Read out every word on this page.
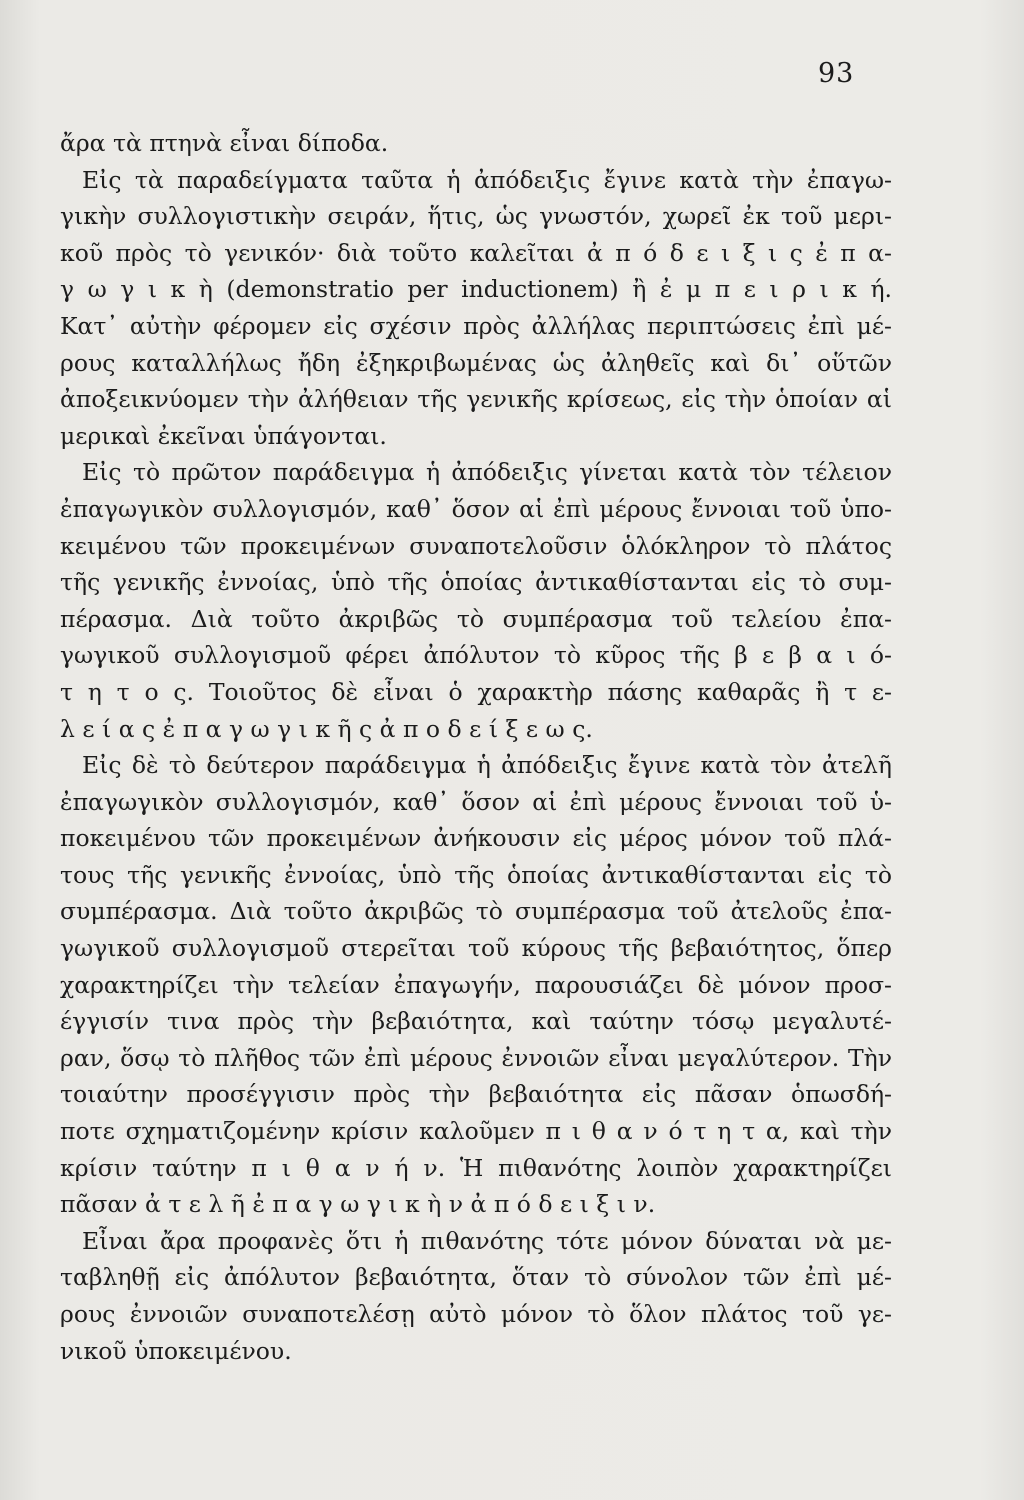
93
ἄρα τὰ πτηνὰ εἶναι δίποδα.
Εἰς τὰ παραδείγματα ταῦτα ἡ ἀπόδειξις ἔγινε κατὰ τὴν ἐπαγω-
γικὴν συλλογιστικὴν σειράν, ἥτις, ὡς γνωστόν, χωρεῖ ἐκ τοῦ μερι-
κοῦ πρὸς τὸ γενικόν· διὰ τοῦτο καλεῖται ἀ π ό δ ε ι ξ ι ς ἐ π α-
γ ω γ ι κ ὴ (demonstratio per inductionem) ἢ ἐ μ π ε ι ρ ι κ ή.
Κατ᾽ αὐτὴν φέρομεν εἰς σχέσιν πρὸς ἀλλήλας περιπτώσεις ἐπὶ μέ-
ρους καταλλήλως ἤδη ἐξηκριβωμένας ὡς ἀληθεῖς καὶ δι᾽ οὕτῶν
ἀποξεικνύομεν τὴν ἀλήθειαν τῆς γενικῆς κρίσεως, εἰς τὴν ὁποίαν αἱ
μερικαὶ ἐκεῖναι ὑπάγονται.
Εἰς τὸ πρῶτον παράδειγμα ἡ ἀπόδειξις γίνεται κατὰ τὸν τέλειον
ἐπαγωγικὸν συλλογισμόν, καθ᾽ ὅσον αἱ ἐπὶ μέρους ἔννοιαι τοῦ ὑπο-
κειμένου τῶν προκειμένων συναποτελοῦσιν ὁλόκληρον τὸ πλάτος
τῆς γενικῆς ἐννοίας, ὑπὸ τῆς ὁποίας ἀντικαθίστανται εἰς τὸ συμ-
πέρασμα. Διὰ τοῦτο ἀκριβῶς τὸ συμπέρασμα τοῦ τελείου ἐπα-
γωγικοῦ συλλογισμοῦ φέρει ἀπόλυτον τὸ κῦρος τῆς β ε β α ι ό-
τ η τ ο ς. Τοιοῦτος δὲ εἶναι ὁ χαρακτὴρ πάσης καθαρᾶς ἢ τ ε-
λ ε ί α ς ἐ π α γ ω γ ι κ ῆ ς ἀ π ο δ ε ί ξ ε ω ς.
Εἰς δὲ τὸ δεύτερον παράδειγμα ἡ ἀπόδειξις ἔγινε κατὰ τὸν ἀτελῆ
ἐπαγωγικὸν συλλογισμόν, καθ᾽ ὅσον αἱ ἐπὶ μέρους ἔννοιαι τοῦ ὑ-
ποκειμένου τῶν προκειμένων ἀνήκουσιν εἰς μέρος μόνον τοῦ πλά-
τους τῆς γενικῆς ἐννοίας, ὑπὸ τῆς ὁποίας ἀντικαθίστανται εἰς τὸ
συμπέρασμα. Διὰ τοῦτο ἀκριβῶς τὸ συμπέρασμα τοῦ ἀτελοῦς ἐπα-
γωγικοῦ συλλογισμοῦ στερεῖται τοῦ κύρους τῆς βεβαιότητος, ὅπερ
χαρακτηρίζει τὴν τελείαν ἐπαγωγήν, παρουσιάζει δὲ μόνον προσ-
έγγισίν τινα πρὸς τὴν βεβαιότητα, καὶ ταύτην τόσῳ μεγαλυτέ-
ραν, ὅσῳ τὸ πλῆθος τῶν ἐπὶ μέρους ἐννοιῶν εἶναι μεγαλύτερον. Τὴν
τοιαύτην προσέγγισιν πρὸς τὴν βεβαιότητα εἰς πᾶσαν ὁπωσδή-
ποτε σχηματιζομένην κρίσιν καλοῦμεν π ι θ α ν ό τ η τ α, καὶ τὴν
κρίσιν ταύτην π ι θ α ν ή ν. Ἡ πιθανότης λοιπὸν χαρακτηρίζει
πᾶσαν ἀ τ ε λ ῆ ἐ π α γ ω γ ι κ ὴ ν ἀ π ό δ ε ι ξ ι ν.
Εἶναι ἄρα προφανὲς ὅτι ἡ πιθανότης τότε μόνον δύναται νὰ με-
ταβληθῇ εἰς ἀπόλυτον βεβαιότητα, ὅταν τὸ σύνολον τῶν ἐπὶ μέ-
ρους ἐννοιῶν συναποτελέσῃ αὐτὸ μόνον τὸ ὅλον πλάτος τοῦ γε-
νικοῦ ὑποκειμένου.
